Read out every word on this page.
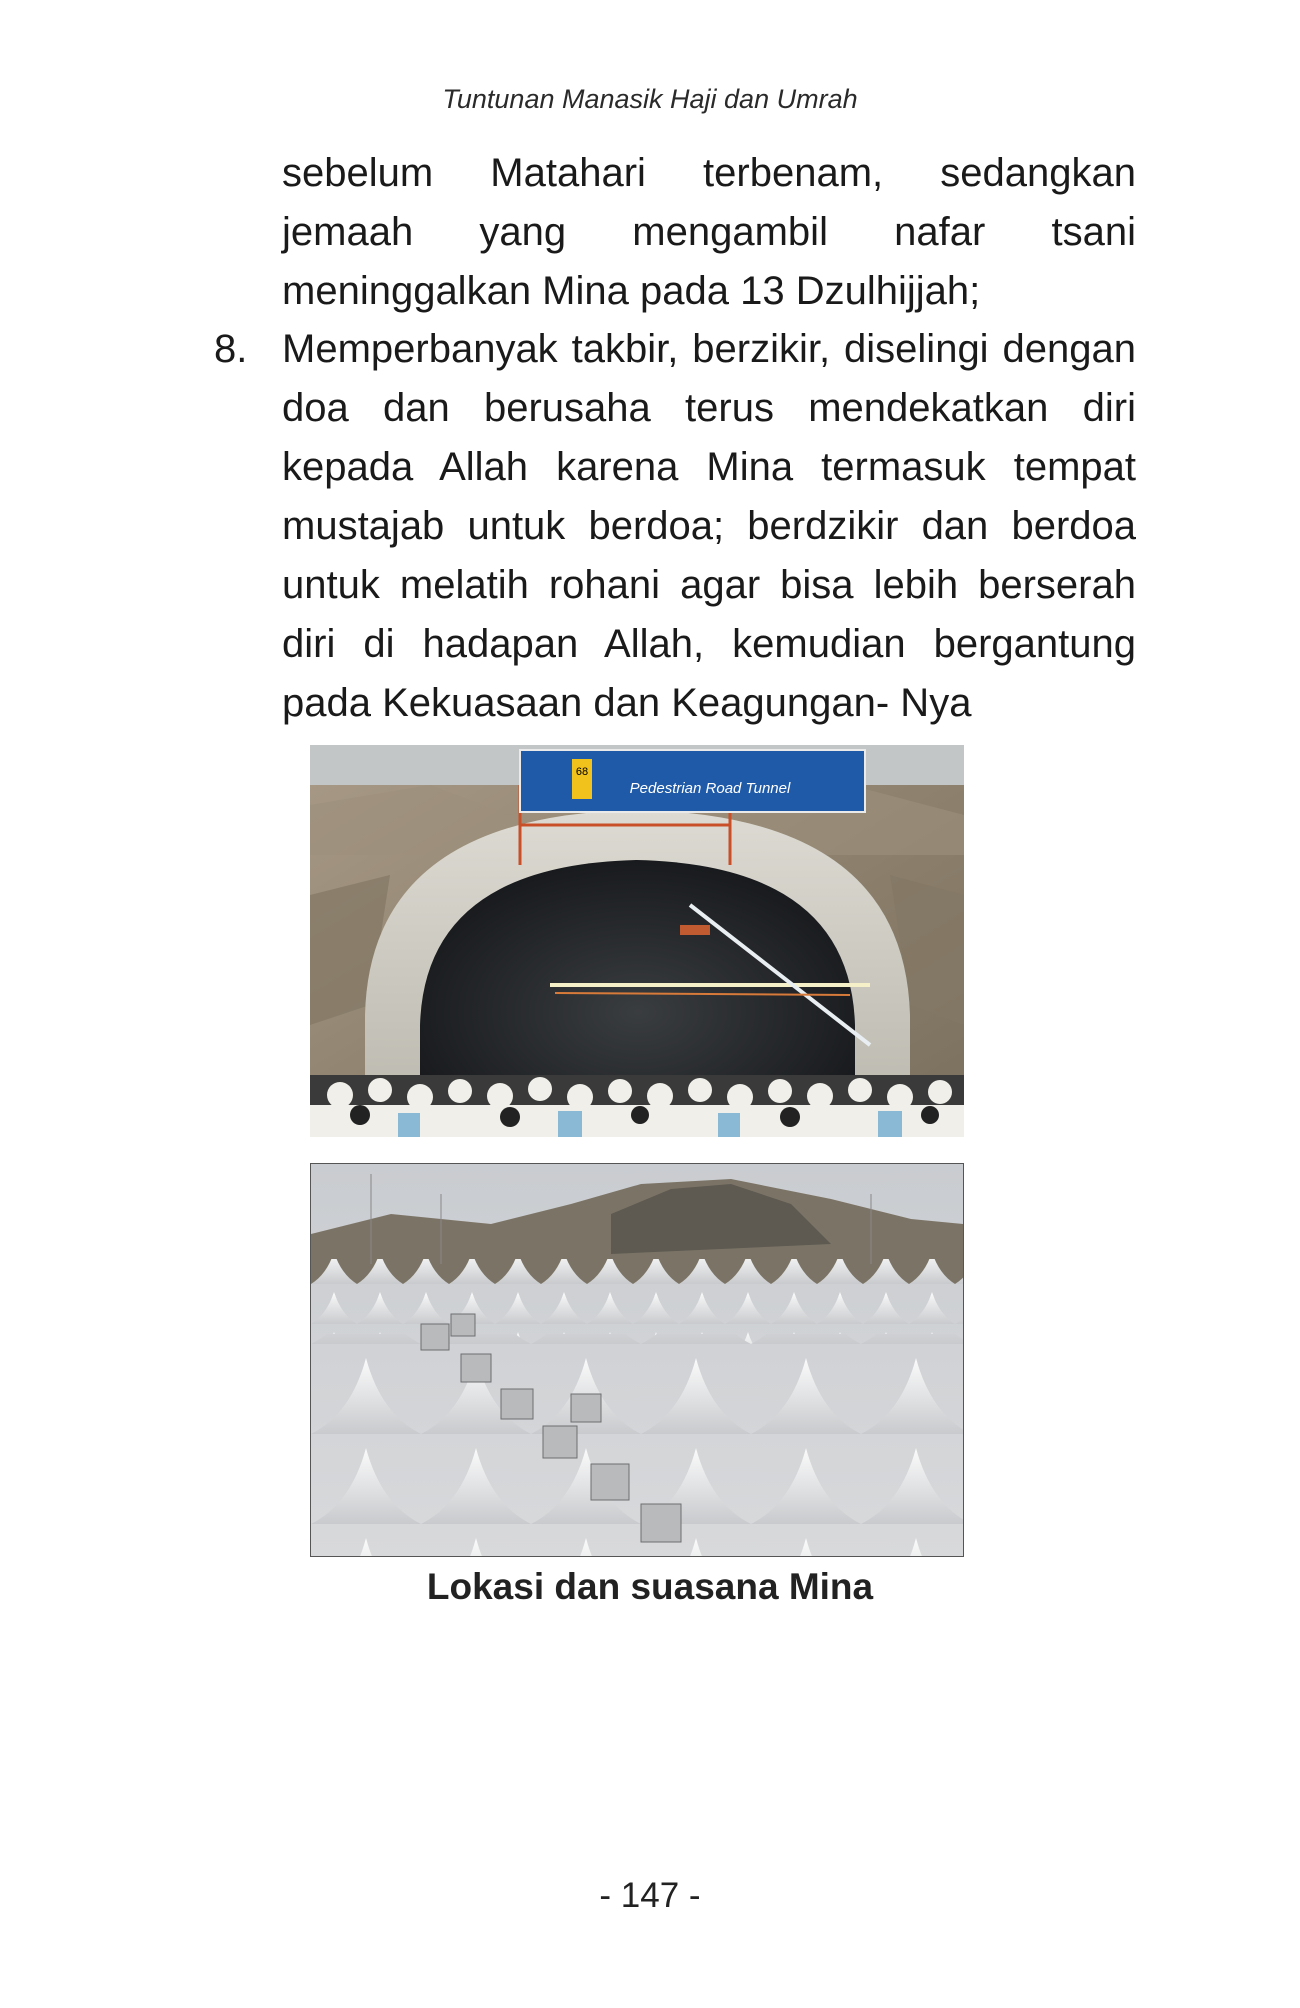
Tuntunan Manasik Haji dan Umrah
sebelum Matahari terbenam, sedangkan jemaah yang mengambil nafar tsani meninggalkan Mina pada 13 Dzulhijjah;
8. Memperbanyak takbir, berzikir, diselingi dengan doa dan berusaha terus mendekatkan diri kepada Allah karena Mina termasuk tempat mustajab untuk berdoa; berdzikir dan berdoa untuk melatih rohani agar bisa lebih berserah diri di hadapan Allah, kemudian bergantung pada Kekuasaan dan Keagungan- Nya
68
Pedestrian Road Tunnel
Lokasi dan suasana Mina
- 147 -
